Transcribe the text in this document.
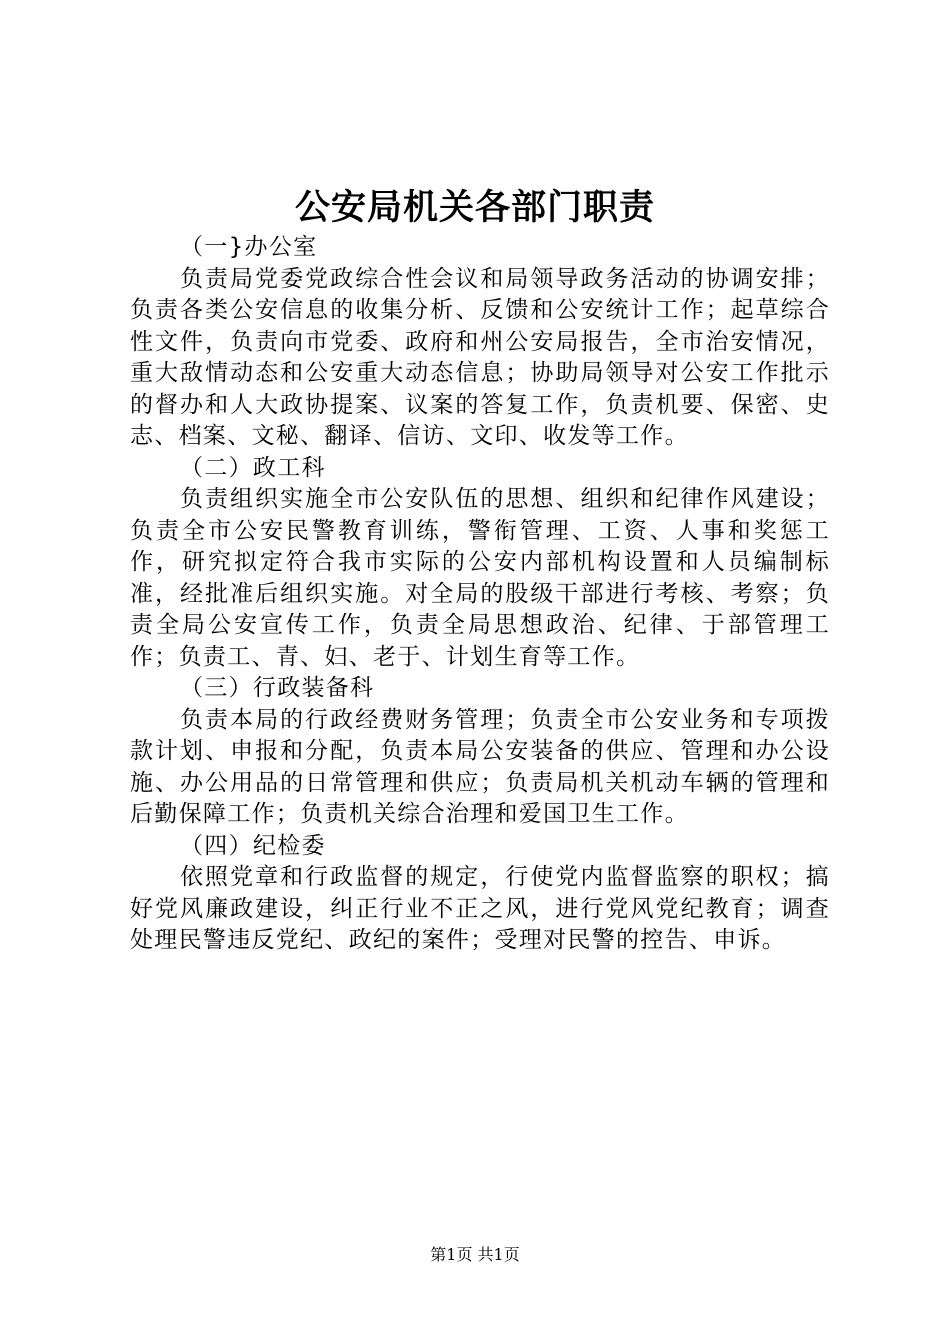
公安局机关各部门职责

（一}办公室

负责局党委党政综合性会议和局领导政务活动的协调安排；负责各类公安信息的收集分析、反馈和公安统计工作；起草综合性文件，负责向市党委、政府和州公安局报告，全市治安情况，重大敌情动态和公安重大动态信息；协助局领导对公安工作批示的督办和人大政协提案、议案的答复工作，负责机要、保密、史志、档案、文秘、翻译、信访、文印、收发等工作。

（二）政工科

负责组织实施全市公安队伍的思想、组织和纪律作风建设；负责全市公安民警教育训练，警衔管理、工资、人事和奖惩工作，研究拟定符合我市实际的公安内部机构设置和人员编制标准，经批准后组织实施。对全局的股级干部进行考核、考察；负责全局公安宣传工作，负责全局思想政治、纪律、于部管理工作；负责工、青、妇、老于、计划生育等工作。

（三）行政装备科

负责本局的行政经费财务管理；负责全市公安业务和专项拨款计划、申报和分配，负责本局公安装备的供应、管理和办公设施、办公用品的日常管理和供应；负责局机关机动车辆的管理和后勤保障工作；负责机关综合治理和爱国卫生工作。

（四）纪检委

依照党章和行政监督的规定，行使党内监督监察的职权；搞好党风廉政建设，纠正行业不正之风，进行党风党纪教育；调查处理民警违反党纪、政纪的案件；受理对民警的控告、申诉。

第1页 共1页
